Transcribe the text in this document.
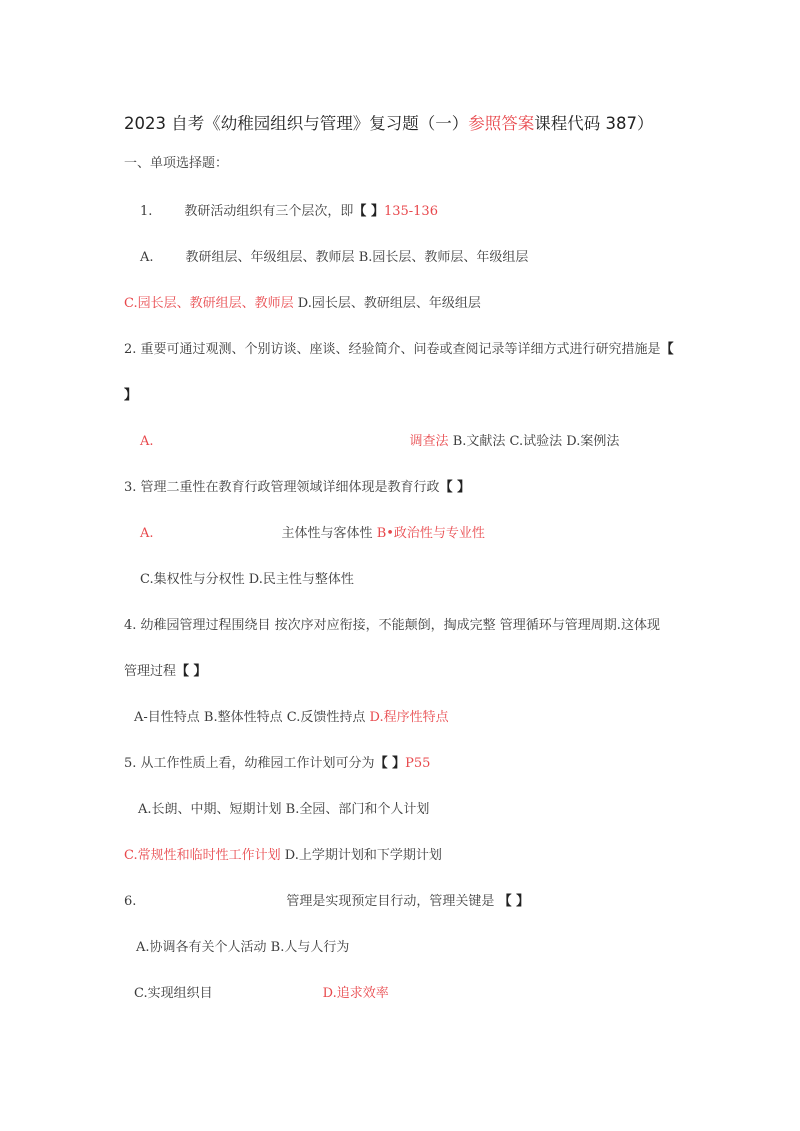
2023 自考《幼稚园组织与管理》复习题（一）参照答案课程代码 387）
一、单项选择题：
1. 教研活动组织有三个层次，即【 】135-136
A. 教研组层、年级组层、教师层 B.园长层、教师层、年级组层
C.园长层、教研组层、教师层 D.园长层、教研组层、年级组层
2. 重要可通过观测、个别访谈、座谈、经验简介、问卷或查阅记录等详细方式进行研究措施是【
】
A.	调查法 B.文献法 C.试验法 D.案例法
3. 管理二重性在教育行政管理领域详细体现是教育行政【 】
A.	主体性与客体性 B•政治性与专业性
C.集权性与分权性 D.民主性与整体性
4. 幼稚园管理过程围绕目 按次序对应衔接，不能颠倒，掏成完整 管理循环与管理周期.这体现
管理过程【 】
A-目性特点 B.整体性特点 C.反馈性持点 D.程序性特点
5. 从工作性质上看，幼稚园工作计划可分为【 】P55
A.长朗、中期、短期计划 B.全园、部门和个人计划
C.常规性和临时性工作计划 D.上学期计划和下学期计划
6.	管理是实现预定目行动，管理关键是 【 】
A.协调各有关个人活动 B.人与人行为
C.实现组织目	D.追求效率
